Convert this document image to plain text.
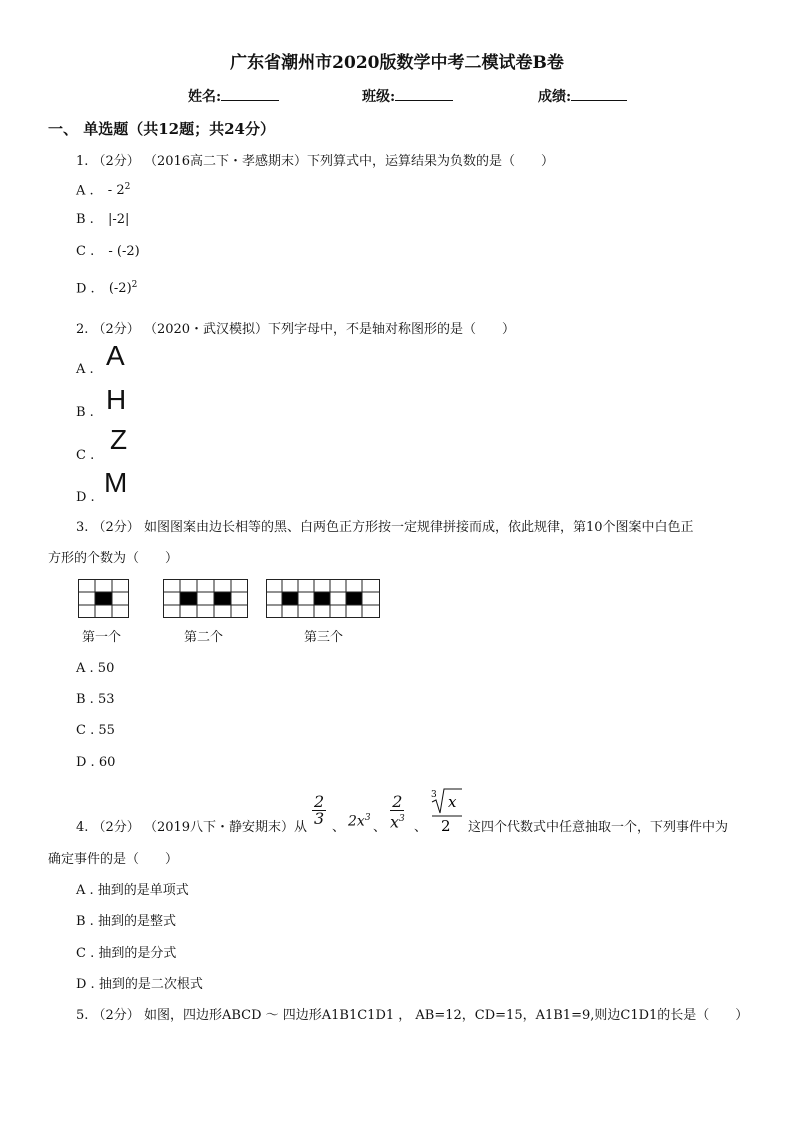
广东省潮州市2020版数学中考二模试卷B卷
姓名:	班级:	成绩:
一、 单选题（共12题；共24分）
1. （2分） （2016高二下・孝感期末）下列算式中，运算结果为负数的是（　　）
A . - $2^2$
B . |-2|
C . - (-2)
D . $(-2)^2$
2. （2分） （2020・武汉模拟）下列字母中，不是轴对称图形的是（　　）
A . A
B . H
C .
Z
D . M
3. （2分） 如图图案由边长相等的黑、白两色正方形按一定规律拼接而成，依此规律，第10个图案中白色正
方形的个数为（　　）
第一个	第二个	第三个
A . 50
B . 53
C . 55
D . 60
4. （2分） （2019八下・静安期末）从
$\frac{2}{3}$
、 $2x^3$
、 $\frac{2}{x^3}$ 、
3 x
2 这四个代数式中任意抽取一个，下列事件中为
确定事件的是（　　）
A . 抽到的是单项式
B . 抽到的是整式
C . 抽到的是分式
D . 抽到的是二次根式
5. （2分） 如图，四边形ABCD ～ 四边形A1B1C1D1 ， AB=12，CD=15，A1B1=9,则边C1D1的长是（　　）
